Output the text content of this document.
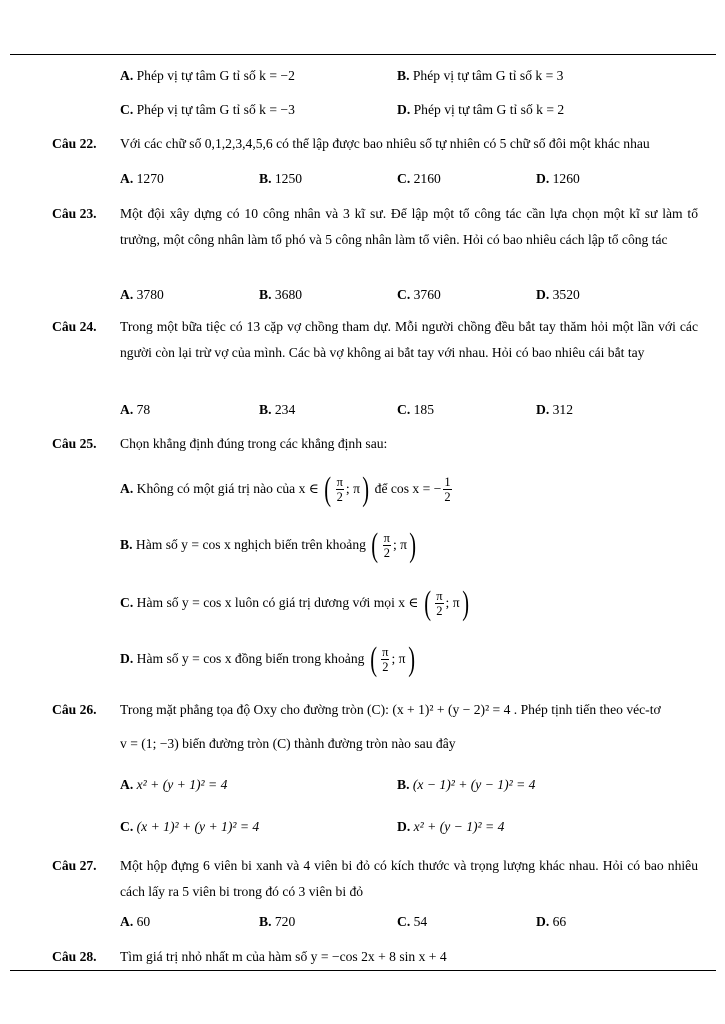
A. Phép vị tự tâm G tỉ số k = −2	B. Phép vị tự tâm G tỉ số k = 3
C. Phép vị tự tâm G tỉ số k = −3	D. Phép vị tự tâm G tỉ số k = 2
Câu 22. Với các chữ số 0,1,2,3,4,5,6 có thể lập được bao nhiêu số tự nhiên có 5 chữ số đôi một khác nhau
A. 1270	B. 1250	C. 2160	D. 1260
Câu 23. Một đội xây dựng có 10 công nhân và 3 kĩ sư. Để lập một tổ công tác cần lựa chọn một kĩ sư làm tổ trưởng, một công nhân làm tổ phó và 5 công nhân làm tổ viên. Hỏi có bao nhiêu cách lập tổ công tác
A. 3780	B. 3680	C. 3760	D. 3520
Câu 24. Trong một bữa tiệc có 13 cặp vợ chồng tham dự. Mỗi người chồng đều bắt tay thăm hỏi một lần với các người còn lại trừ vợ của mình. Các bà vợ không ai bắt tay với nhau. Hỏi có bao nhiêu cái bắt tay
A. 78	B. 234	C. 185	D. 312
Câu 25. Chọn khẳng định đúng trong các khẳng định sau:
A. Không có một giá trị nào của x ∈ ( $\frac{\pi}{2}$ ; π) để cos x = − $\frac{1}{2}$
B. Hàm số y = cos x nghịch biến trên khoảng ( $\frac{\pi}{2}$ ; π)
C. Hàm số y = cos x luôn có giá trị dương với mọi x ∈ ( $\frac{\pi}{2}$ ; π)
D. Hàm số y = cos x đồng biến trong khoảng ( $\frac{\pi}{2}$ ; π)
Câu 26. Trong mặt phẳng tọa độ Oxy cho đường tròn (C): (x + 1)² + (y − 2)² = 4 . Phép tịnh tiến theo véc-tơ
v = (1; −3) biến đường tròn (C) thành đường tròn nào sau đây
A. x² + (y + 1)² = 4	B. (x − 1)² + (y − 1)² = 4
C. (x + 1)² + (y + 1)² = 4	D. x² + (y − 1)² = 4
Câu 27. Một hộp đựng 6 viên bi xanh và 4 viên bi đỏ có kích thước và trọng lượng khác nhau. Hỏi có bao nhiêu cách lấy ra 5 viên bi trong đó có 3 viên bi đỏ
A. 60	B. 720	C. 54	D. 66
Câu 28. Tìm giá trị nhỏ nhất m của hàm số y = −cos 2x + 8 sin x + 4
